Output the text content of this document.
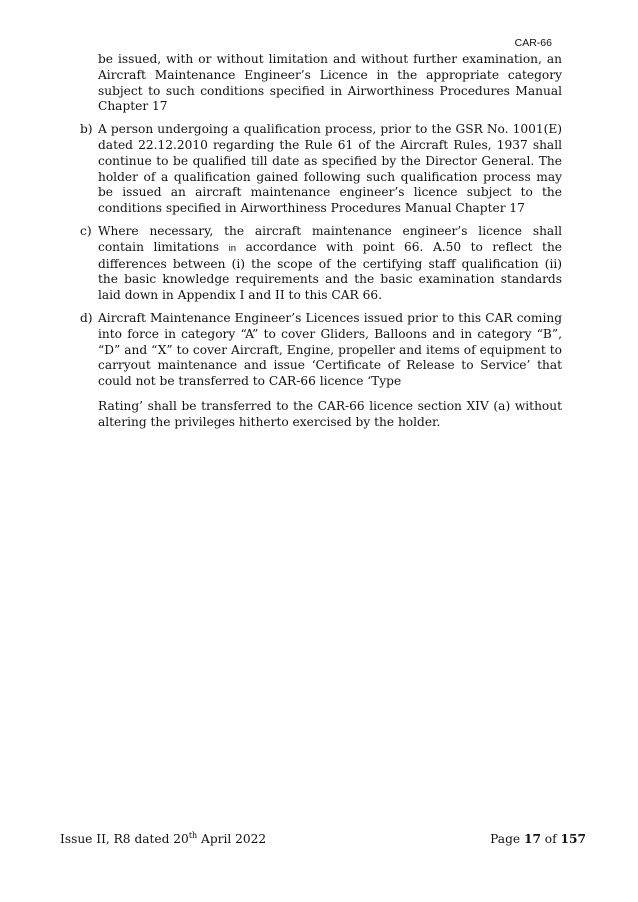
CAR-66

be issued, with or without limitation and without further examination, an Aircraft Maintenance Engineer’s Licence in the appropriate category subject to such conditions specified in Airworthiness Procedures Manual Chapter 17

b) A person undergoing a qualification process, prior to the GSR No. 1001(E) dated 22.12.2010 regarding the Rule 61 of the Aircraft Rules, 1937 shall continue to be qualified till date as specified by the Director General. The holder of a qualification gained following such qualification process may be issued an aircraft maintenance engineer’s licence subject to the conditions specified in Airworthiness Procedures Manual Chapter 17

c) Where necessary, the aircraft maintenance engineer’s licence shall contain limitations in accordance with point 66. A.50 to reflect the differences between (i) the scope of the certifying staff qualification (ii) the basic knowledge requirements and the basic examination standards laid down in Appendix I and II to this CAR 66.

d) Aircraft Maintenance Engineer’s Licences issued prior to this CAR coming into force in category “A” to cover Gliders, Balloons and in category “B”, “D” and “X” to cover Aircraft, Engine, propeller and items of equipment to carryout maintenance and issue ‘Certificate of Release to Service’ that could not be transferred to CAR-66 licence ‘Type

Rating’ shall be transferred to the CAR-66 licence section XIV (a) without altering the privileges hitherto exercised by the holder.

Issue II, R8 dated 20th April 2022	Page 17 of 157
